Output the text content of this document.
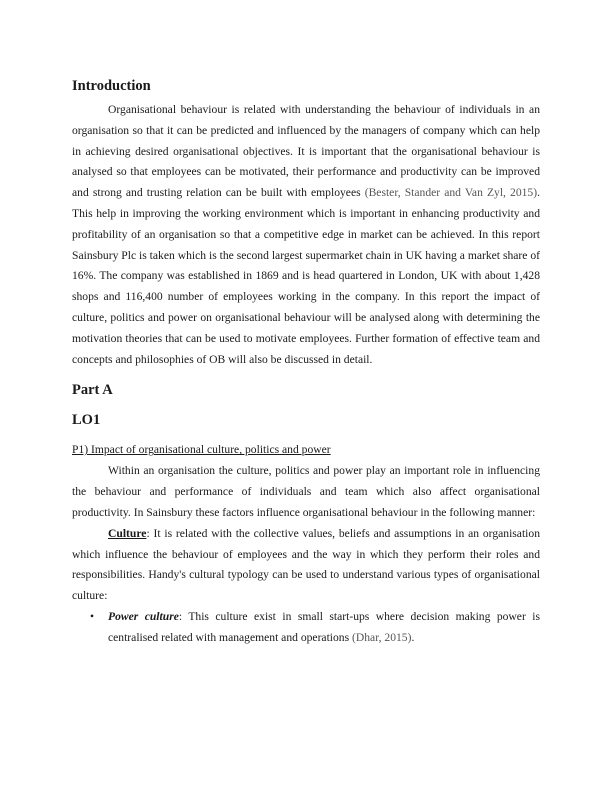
Introduction

Organisational behaviour is related with understanding the behaviour of individuals in an organisation so that it can be predicted and influenced by the managers of company which can help in achieving desired organisational objectives. It is important that the organisational behaviour is analysed so that employees can be motivated, their performance and productivity can be improved and strong and trusting relation can be built with employees (Bester, Stander and Van Zyl, 2015). This help in improving the working environment which is important in enhancing productivity and profitability of an organisation so that a competitive edge in market can be achieved. In this report Sainsbury Plc is taken which is the second largest supermarket chain in UK having a market share of 16%. The company was established in 1869 and is head quartered in London, UK with about 1,428 shops and 116,400 number of employees working in the company. In this report the impact of culture, politics and power on organisational behaviour will be analysed along with determining the motivation theories that can be used to motivate employees. Further formation of effective team and concepts and philosophies of OB will also be discussed in detail.

Part A
LO1
P1) Impact of organisational culture, politics and power

Within an organisation the culture, politics and power play an important role in influencing the behaviour and performance of individuals and team which also affect organisational productivity. In Sainsbury these factors influence organisational behaviour in the following manner:

Culture: It is related with the collective values, beliefs and assumptions in an organisation which influence the behaviour of employees and the way in which they perform their roles and responsibilities. Handy's cultural typology can be used to understand various types of organisational culture:

• Power culture: This culture exist in small start-ups where decision making power is centralised related with management and operations (Dhar, 2015).
